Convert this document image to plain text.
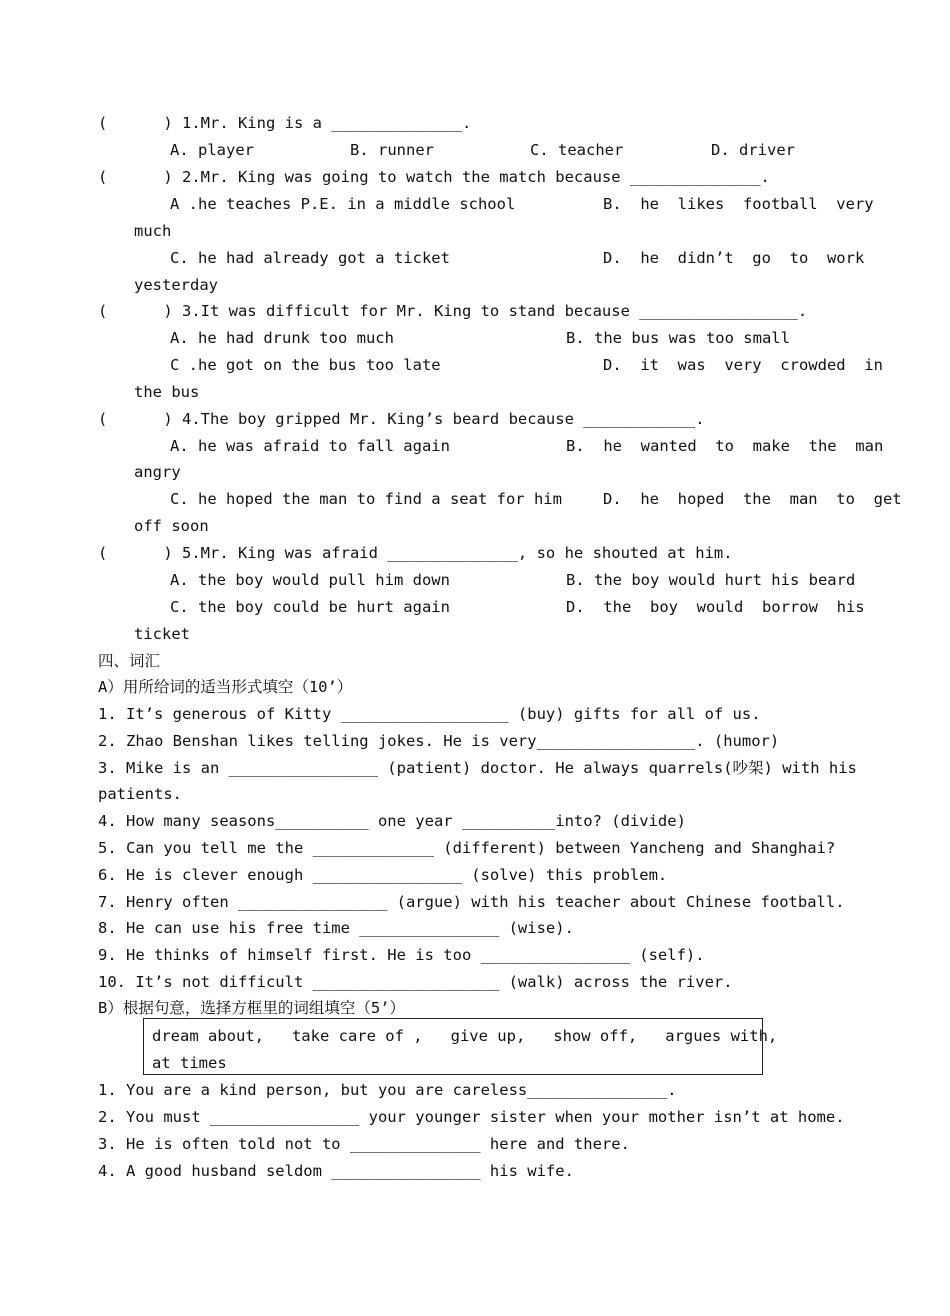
(      ) 1.Mr. King is a ______________.
A. player	B. runner	C. teacher	D. driver
(      ) 2.Mr. King was going to watch the match because ______________.
A .he teaches P.E. in a middle school	B.  he  likes  football  very
much
C. he had already got a ticket	D.  he  didn’t  go  to  work
yesterday
(      ) 3.It was difficult for Mr. King to stand because _________________.
A. he had drunk too much	B. the bus was too small
C .he got on the bus too late	D.  it  was  very  crowded  in
the bus
(      ) 4.The boy gripped Mr. King’s beard because ____________.
A. he was afraid to fall again	B.  he  wanted  to  make  the  man
angry
C. he hoped the man to find a seat for him	D.  he  hoped  the  man  to  get
off soon
(      ) 5.Mr. King was afraid ______________, so he shouted at him.
A. the boy would pull him down	B. the boy would hurt his beard
C. the boy could be hurt again	D.  the  boy  would  borrow  his
ticket
四、词汇
A）用所给词的适当形式填空（10’）
1. It’s generous of Kitty __________________ (buy) gifts for all of us.
2. Zhao Benshan likes telling jokes. He is very_________________. (humor)
3. Mike is an ________________ (patient) doctor. He always quarrels(吵架) with his
patients.
4. How many seasons__________ one year __________into? (divide)
5. Can you tell me the _____________ (different) between Yancheng and Shanghai?
6. He is clever enough ________________ (solve) this problem.
7. Henry often ________________ (argue) with his teacher about Chinese football.
8. He can use his free time _______________ (wise).
9. He thinks of himself first. He is too ________________ (self).
10. It’s not difficult ____________________ (walk) across the river.
B）根据句意，选择方框里的词组填空（5’）
dream about,   take care of ,   give up,   show off,   argues with,
at times
1. You are a kind person, but you are careless_______________.
2. You must ________________ your younger sister when your mother isn’t at home.
3. He is often told not to ______________ here and there.
4. A good husband seldom ________________ his wife.
